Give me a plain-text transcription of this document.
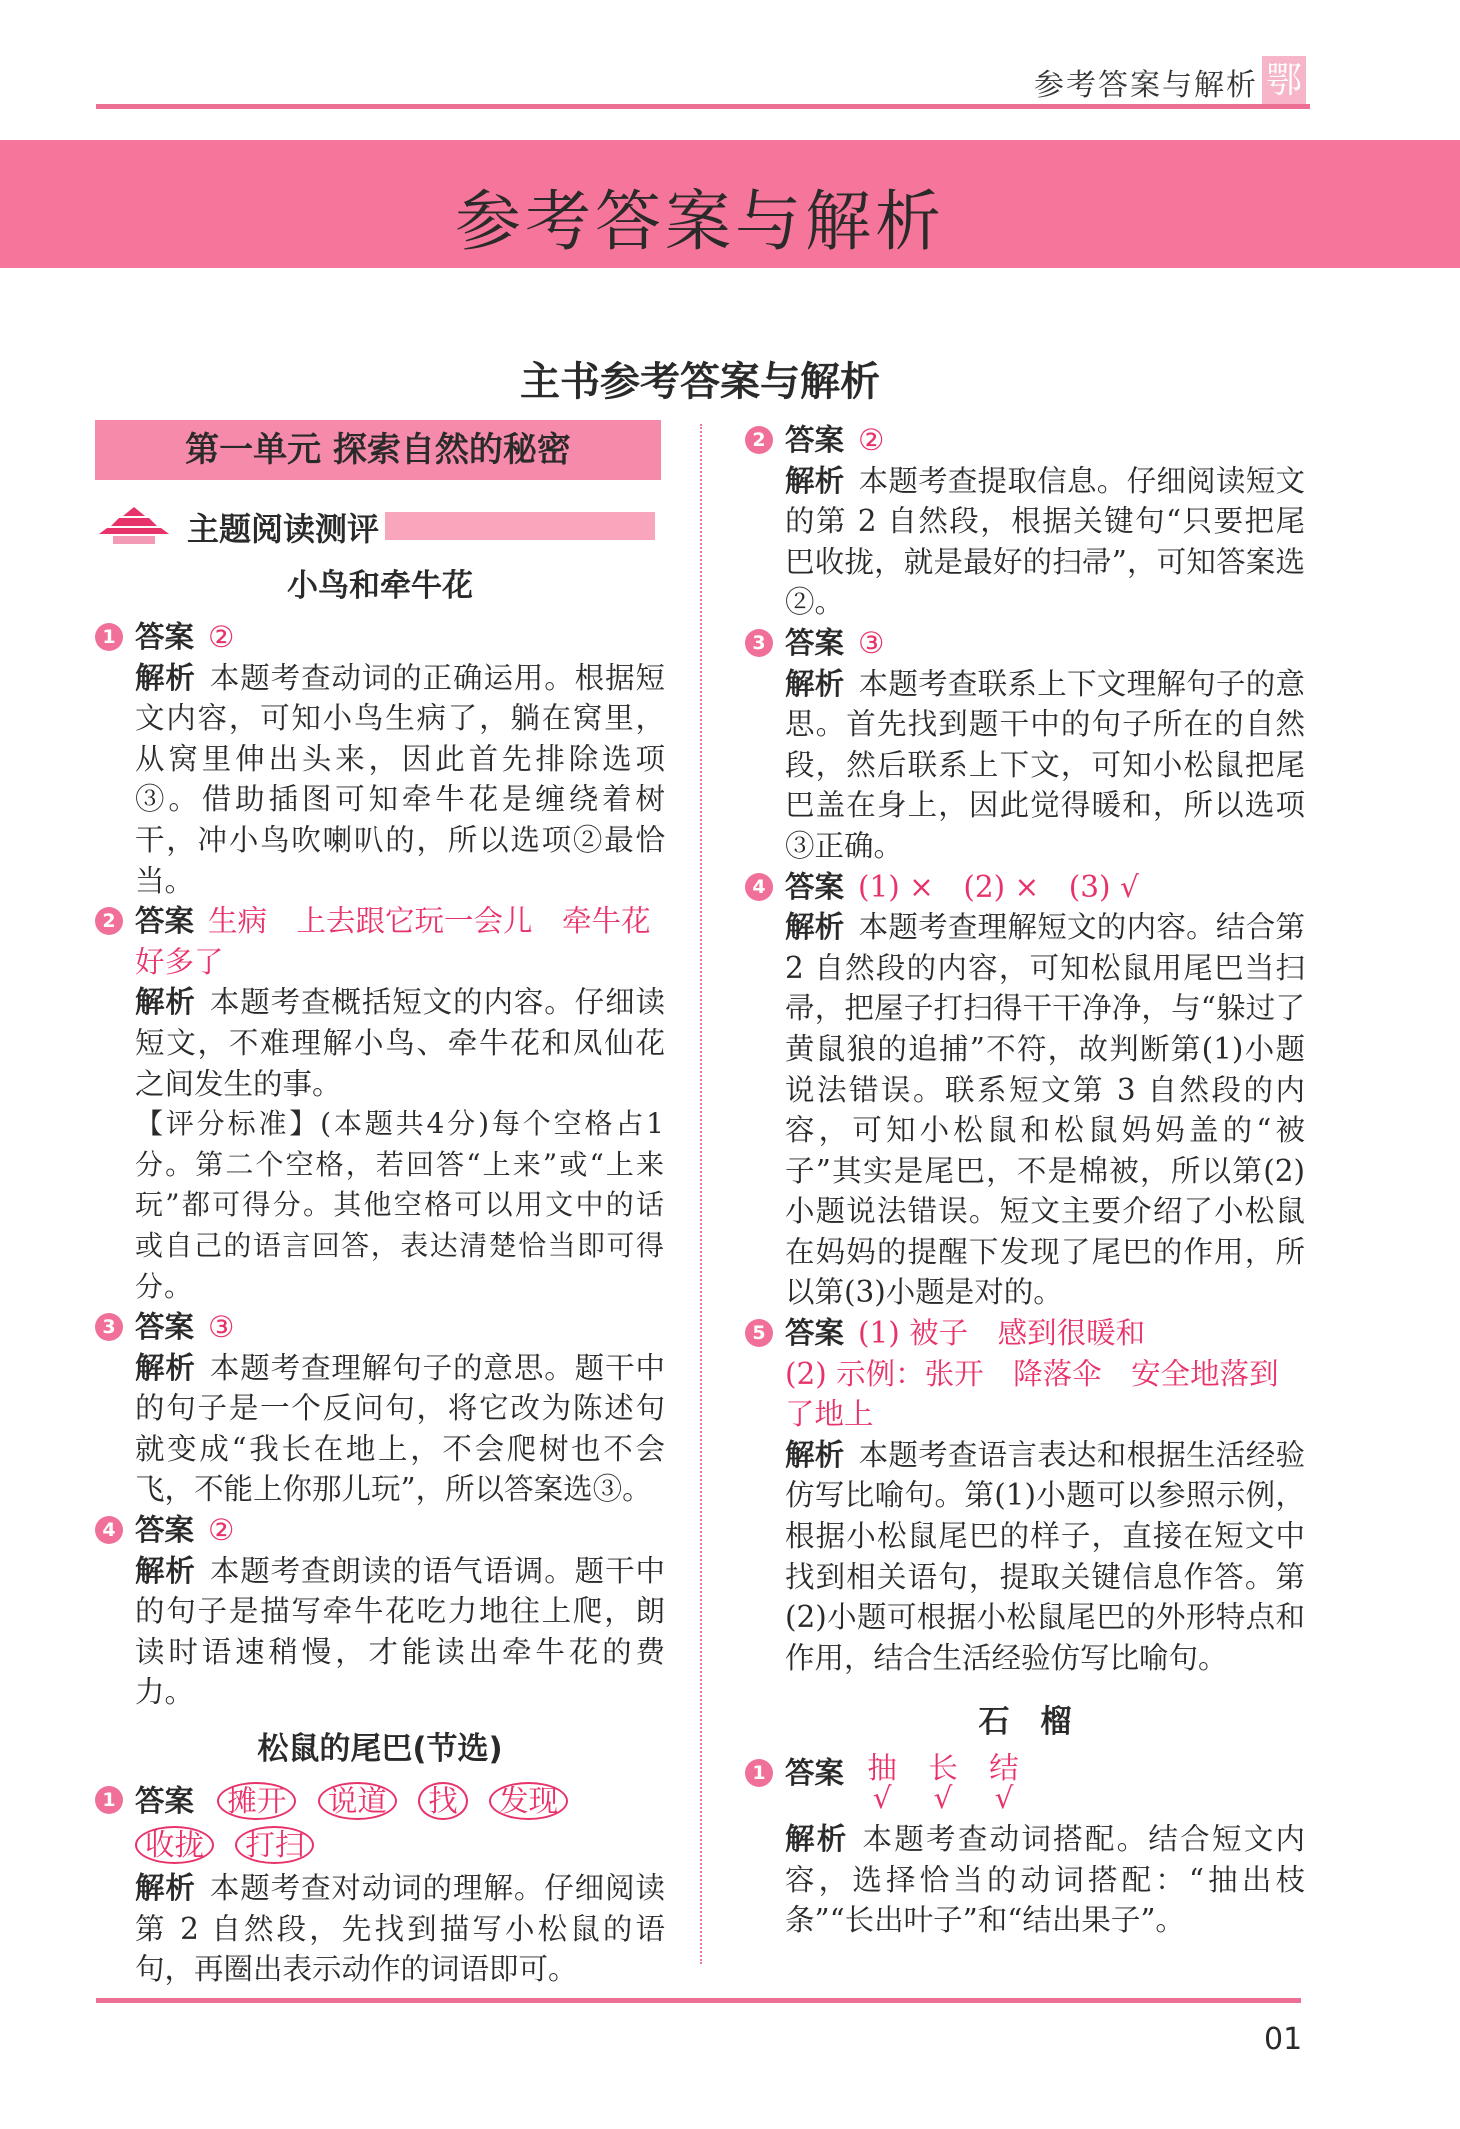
参考答案与解析 鄂
参考答案与解析
主书参考答案与解析
第一单元 探索自然的秘密
主题阅读测评
小鸟和牵牛花
1 答案 ②
解析 本题考查动词的正确运用。根据短文内容，可知小鸟生病了，躺在窝里，从窝里伸出头来，因此首先排除选项③。借助插图可知牵牛花是缠绕着树干，冲小鸟吹喇叭的，所以选项②最恰当。
2 答案 生病　上去跟它玩一会儿　牵牛花　好多了
解析 本题考查概括短文的内容。仔细读短文，不难理解小鸟、牵牛花和凤仙花之间发生的事。
【评分标准】(本题共4分)每个空格占1分。第二个空格，若回答“上来”或“上来玩”都可得分。其他空格可以用文中的话或自己的语言回答，表达清楚恰当即可得分。
3 答案 ③
解析 本题考查理解句子的意思。题干中的句子是一个反问句，将它改为陈述句就变成“我长在地上，不会爬树也不会飞，不能上你那儿玩”，所以答案选③。
4 答案 ②
解析 本题考查朗读的语气语调。题干中的句子是描写牵牛花吃力地往上爬，朗读时语速稍慢，才能读出牵牛花的费力。
松鼠的尾巴(节选)
1 答案 摊开 说道 找 发现 收拢 打扫
解析 本题考查对动词的理解。仔细阅读第 2 自然段，先找到描写小松鼠的语句，再圈出表示动作的词语即可。
2 答案 ②
解析 本题考查提取信息。仔细阅读短文的第 2 自然段，根据关键句“只要把尾巴收拢，就是最好的扫帚”，可知答案选②。
3 答案 ③
解析 本题考查联系上下文理解句子的意思。首先找到题干中的句子所在的自然段，然后联系上下文，可知小松鼠把尾巴盖在身上，因此觉得暖和，所以选项③正确。
4 答案 (1) ×　(2) ×　(3) √
解析 本题考查理解短文的内容。结合第 2 自然段的内容，可知松鼠用尾巴当扫帚，把屋子打扫得干干净净，与“躲过了黄鼠狼的追捕”不符，故判断第(1)小题说法错误。联系短文第 3 自然段的内容，可知小松鼠和松鼠妈妈盖的“被子”其实是尾巴，不是棉被，所以第(2)小题说法错误。短文主要介绍了小松鼠在妈妈的提醒下发现了尾巴的作用，所以第(3)小题是对的。
5 答案 (1) 被子　感到很暖和
(2) 示例：张开　降落伞　安全地落到了地上
解析 本题考查语言表达和根据生活经验仿写比喻句。第(1)小题可以参照示例，根据小松鼠尾巴的样子，直接在短文中找到相关语句，提取关键信息作答。第(2)小题可根据小松鼠尾巴的外形特点和作用，结合生活经验仿写比喻句。
石　榴
1 答案 抽
√

长
√

结
√
解析 本题考查动词搭配。结合短文内容，选择恰当的动词搭配：“抽出枝条”“长出叶子”和“结出果子”。
01
